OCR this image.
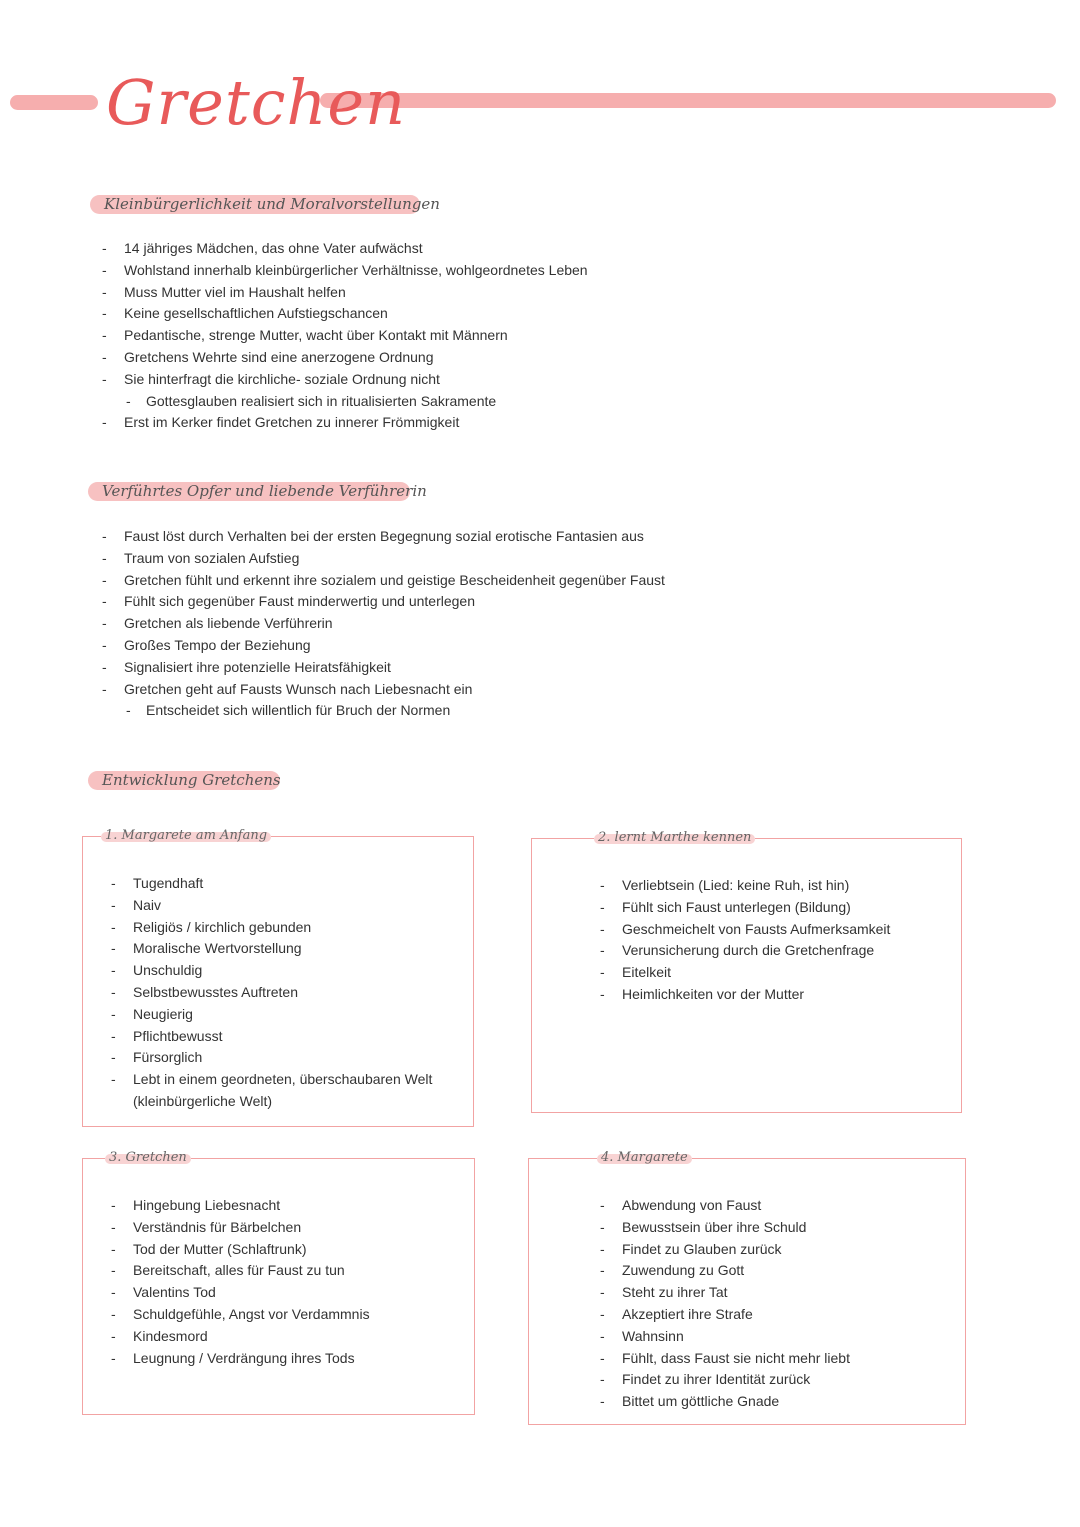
Gretchen
Kleinbürgerlichkeit und Moralvorstellungen
- 14 jähriges Mädchen, das ohne Vater aufwächst
- Wohlstand innerhalb kleinbürgerlicher Verhältnisse, wohlgeordnetes Leben
- Muss Mutter viel im Haushalt helfen
- Keine gesellschaftlichen Aufstiegschancen
- Pedantische, strenge Mutter, wacht über Kontakt mit Männern
- Gretchens Wehrte sind eine anerzogene Ordnung
- Sie hinterfragt die kirchliche- soziale Ordnung nicht
- Gottesglauben realisiert sich in ritualisierten Sakramente
- Erst im Kerker findet Gretchen zu innerer Frömmigkeit
Verführtes Opfer und liebende Verführerin
- Faust löst durch Verhalten bei der ersten Begegnung sozial erotische Fantasien aus
- Traum von sozialen Aufstieg
- Gretchen fühlt und erkennt ihre sozialem und geistige Bescheidenheit gegenüber Faust
- Fühlt sich gegenüber Faust minderwertig und unterlegen
- Gretchen als liebende Verführerin
- Großes Tempo der Beziehung
- Signalisiert ihre potenzielle Heiratsfähigkeit
- Gretchen geht auf Fausts Wunsch nach Liebesnacht ein
- Entscheidet sich willentlich für Bruch der Normen
Entwicklung Gretchens
1. Margarete am Anfang
- Tugendhaft
- Naiv
- Religiös / kirchlich gebunden
- Moralische Wertvorstellung
- Unschuldig
- Selbstbewusstes Auftreten
- Neugierig
- Pflichtbewusst
- Fürsorglich
- Lebt in einem geordneten, überschaubaren Welt (kleinbürgerliche Welt)
2. lernt Marthe kennen
- Verliebtsein (Lied: keine Ruh, ist hin)
- Fühlt sich Faust unterlegen (Bildung)
- Geschmeichelt von Fausts Aufmerksamkeit
- Verunsicherung durch die Gretchenfrage
- Eitelkeit
- Heimlichkeiten vor der Mutter
3. Gretchen
- Hingebung Liebesnacht
- Verständnis für Bärbelchen
- Tod der Mutter (Schlaftrunk)
- Bereitschaft, alles für Faust zu tun
- Valentins Tod
- Schuldgefühle, Angst vor Verdammnis
- Kindesmord
- Leugnung / Verdrängung ihres Tods
4. Margarete
- Abwendung von Faust
- Bewusstsein über ihre Schuld
- Findet zu Glauben zurück
- Zuwendung zu Gott
- Steht zu ihrer Tat
- Akzeptiert ihre Strafe
- Wahnsinn
- Fühlt, dass Faust sie nicht mehr liebt
- Findet zu ihrer Identität zurück
- Bittet um göttliche Gnade
